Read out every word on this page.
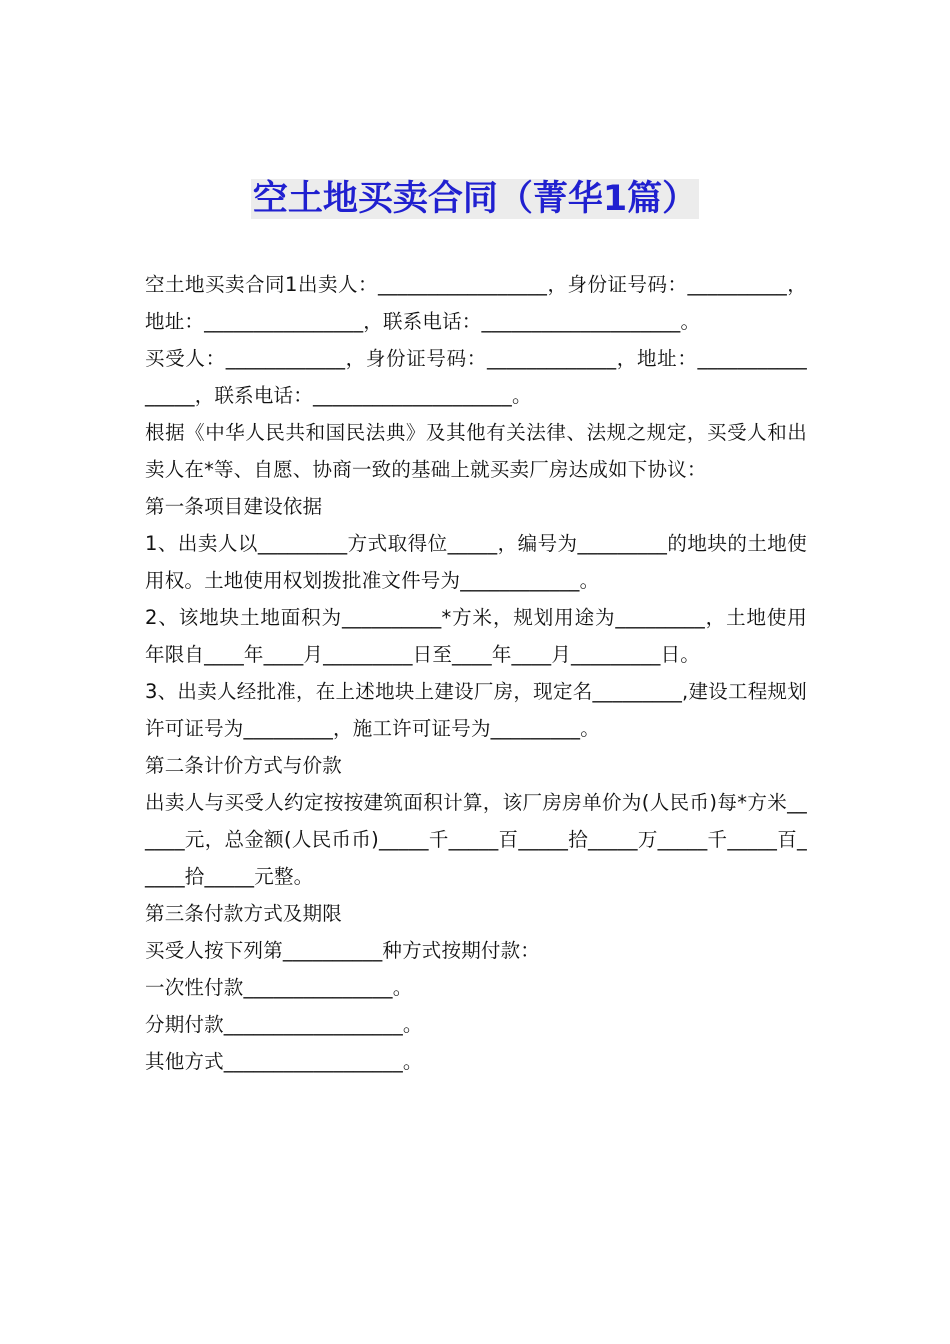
空土地买卖合同（菁华1篇）

空土地买卖合同1出卖人：_________________，身份证号码：__________，地址：________________，联系电话：____________________。

买受人：____________，身份证号码：_____________，地址：________________，联系电话：____________________。

根据《中华人民共和国民法典》及其他有关法律、法规之规定，买受人和出卖人在*等、自愿、协商一致的基础上就买卖厂房达成如下协议：

第一条项目建设依据

1、出卖人以_________方式取得位_____，编号为_________的地块的土地使用权。土地使用权划拨批准文件号为____________。

2、该地块土地面积为__________*方米，规划用途为_________，土地使用年限自____年____月_________日至____年____月_________日。

3、出卖人经批准，在上述地块上建设厂房，现定名_________,建设工程规划许可证号为_________，施工许可证号为_________。

第二条计价方式与价款

出卖人与买受人约定按按建筑面积计算，该厂房房单价为(人民币)每*方米______元，总金额(人民币币)_____千_____百_____拾_____万_____千_____百_____拾_____元整。

第三条付款方式及期限

买受人按下列第__________种方式按期付款：

一次性付款_______________。

分期付款__________________。

其他方式__________________。
